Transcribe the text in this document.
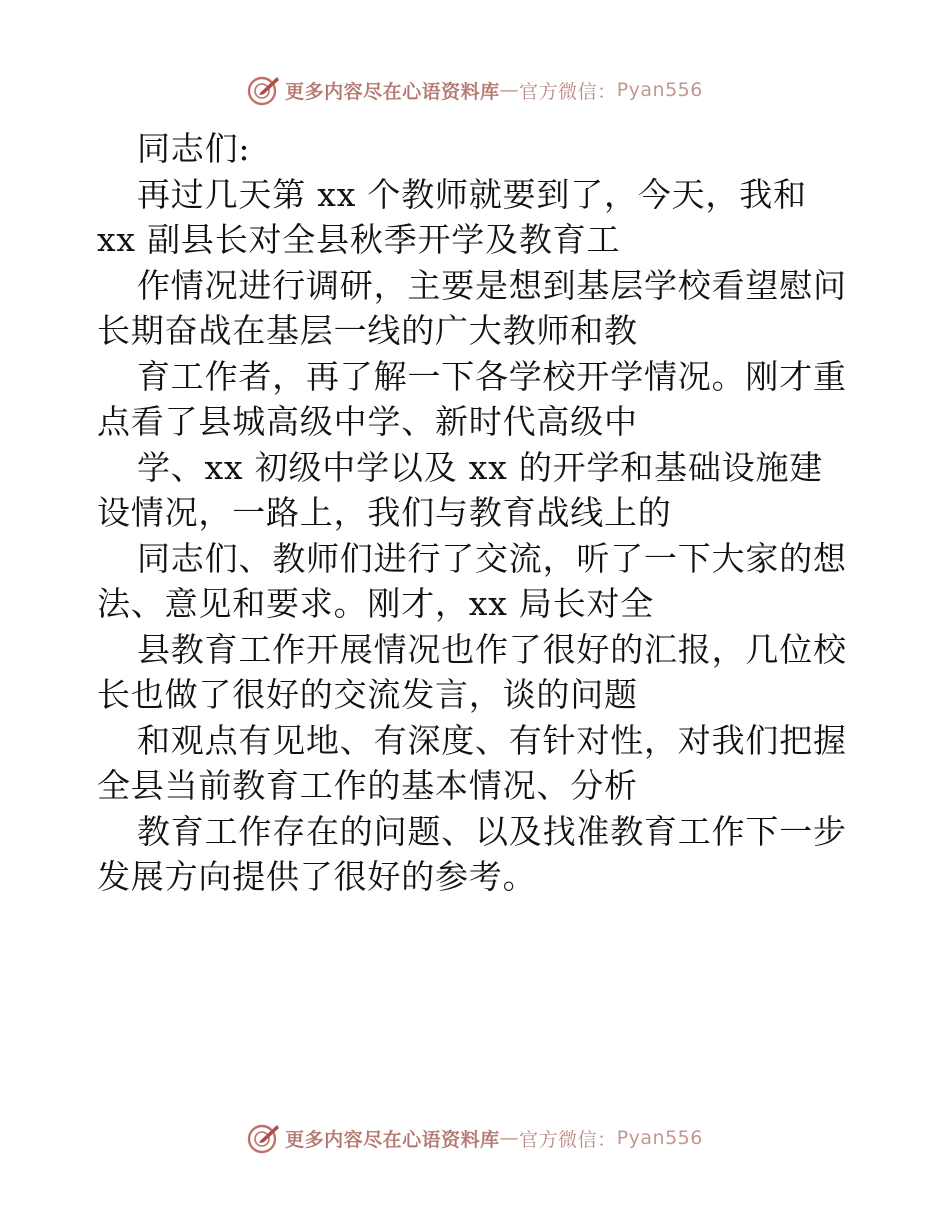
更多内容尽在心语资料库 — 官方微信： Pyan556
同志们:
再过几天第 xx 个教师就要到了，今天，我和
xx 副县长对全县秋季开学及教育工
作情况进行调研，主要是想到基层学校看望慰问
长期奋战在基层一线的广大教师和教
育工作者，再了解一下各学校开学情况。刚才重
点看了县城高级中学、新时代高级中
学、xx 初级中学以及 xx 的开学和基础设施建
设情况，一路上，我们与教育战线上的
同志们、教师们进行了交流，听了一下大家的想
法、意见和要求。刚才，xx 局长对全
县教育工作开展情况也作了很好的汇报，几位校
长也做了很好的交流发言，谈的问题
和观点有见地、有深度、有针对性，对我们把握
全县当前教育工作的基本情况、分析
教育工作存在的问题、以及找准教育工作下一步
发展方向提供了很好的参考。
更多内容尽在心语资料库 — 官方微信： Pyan556
